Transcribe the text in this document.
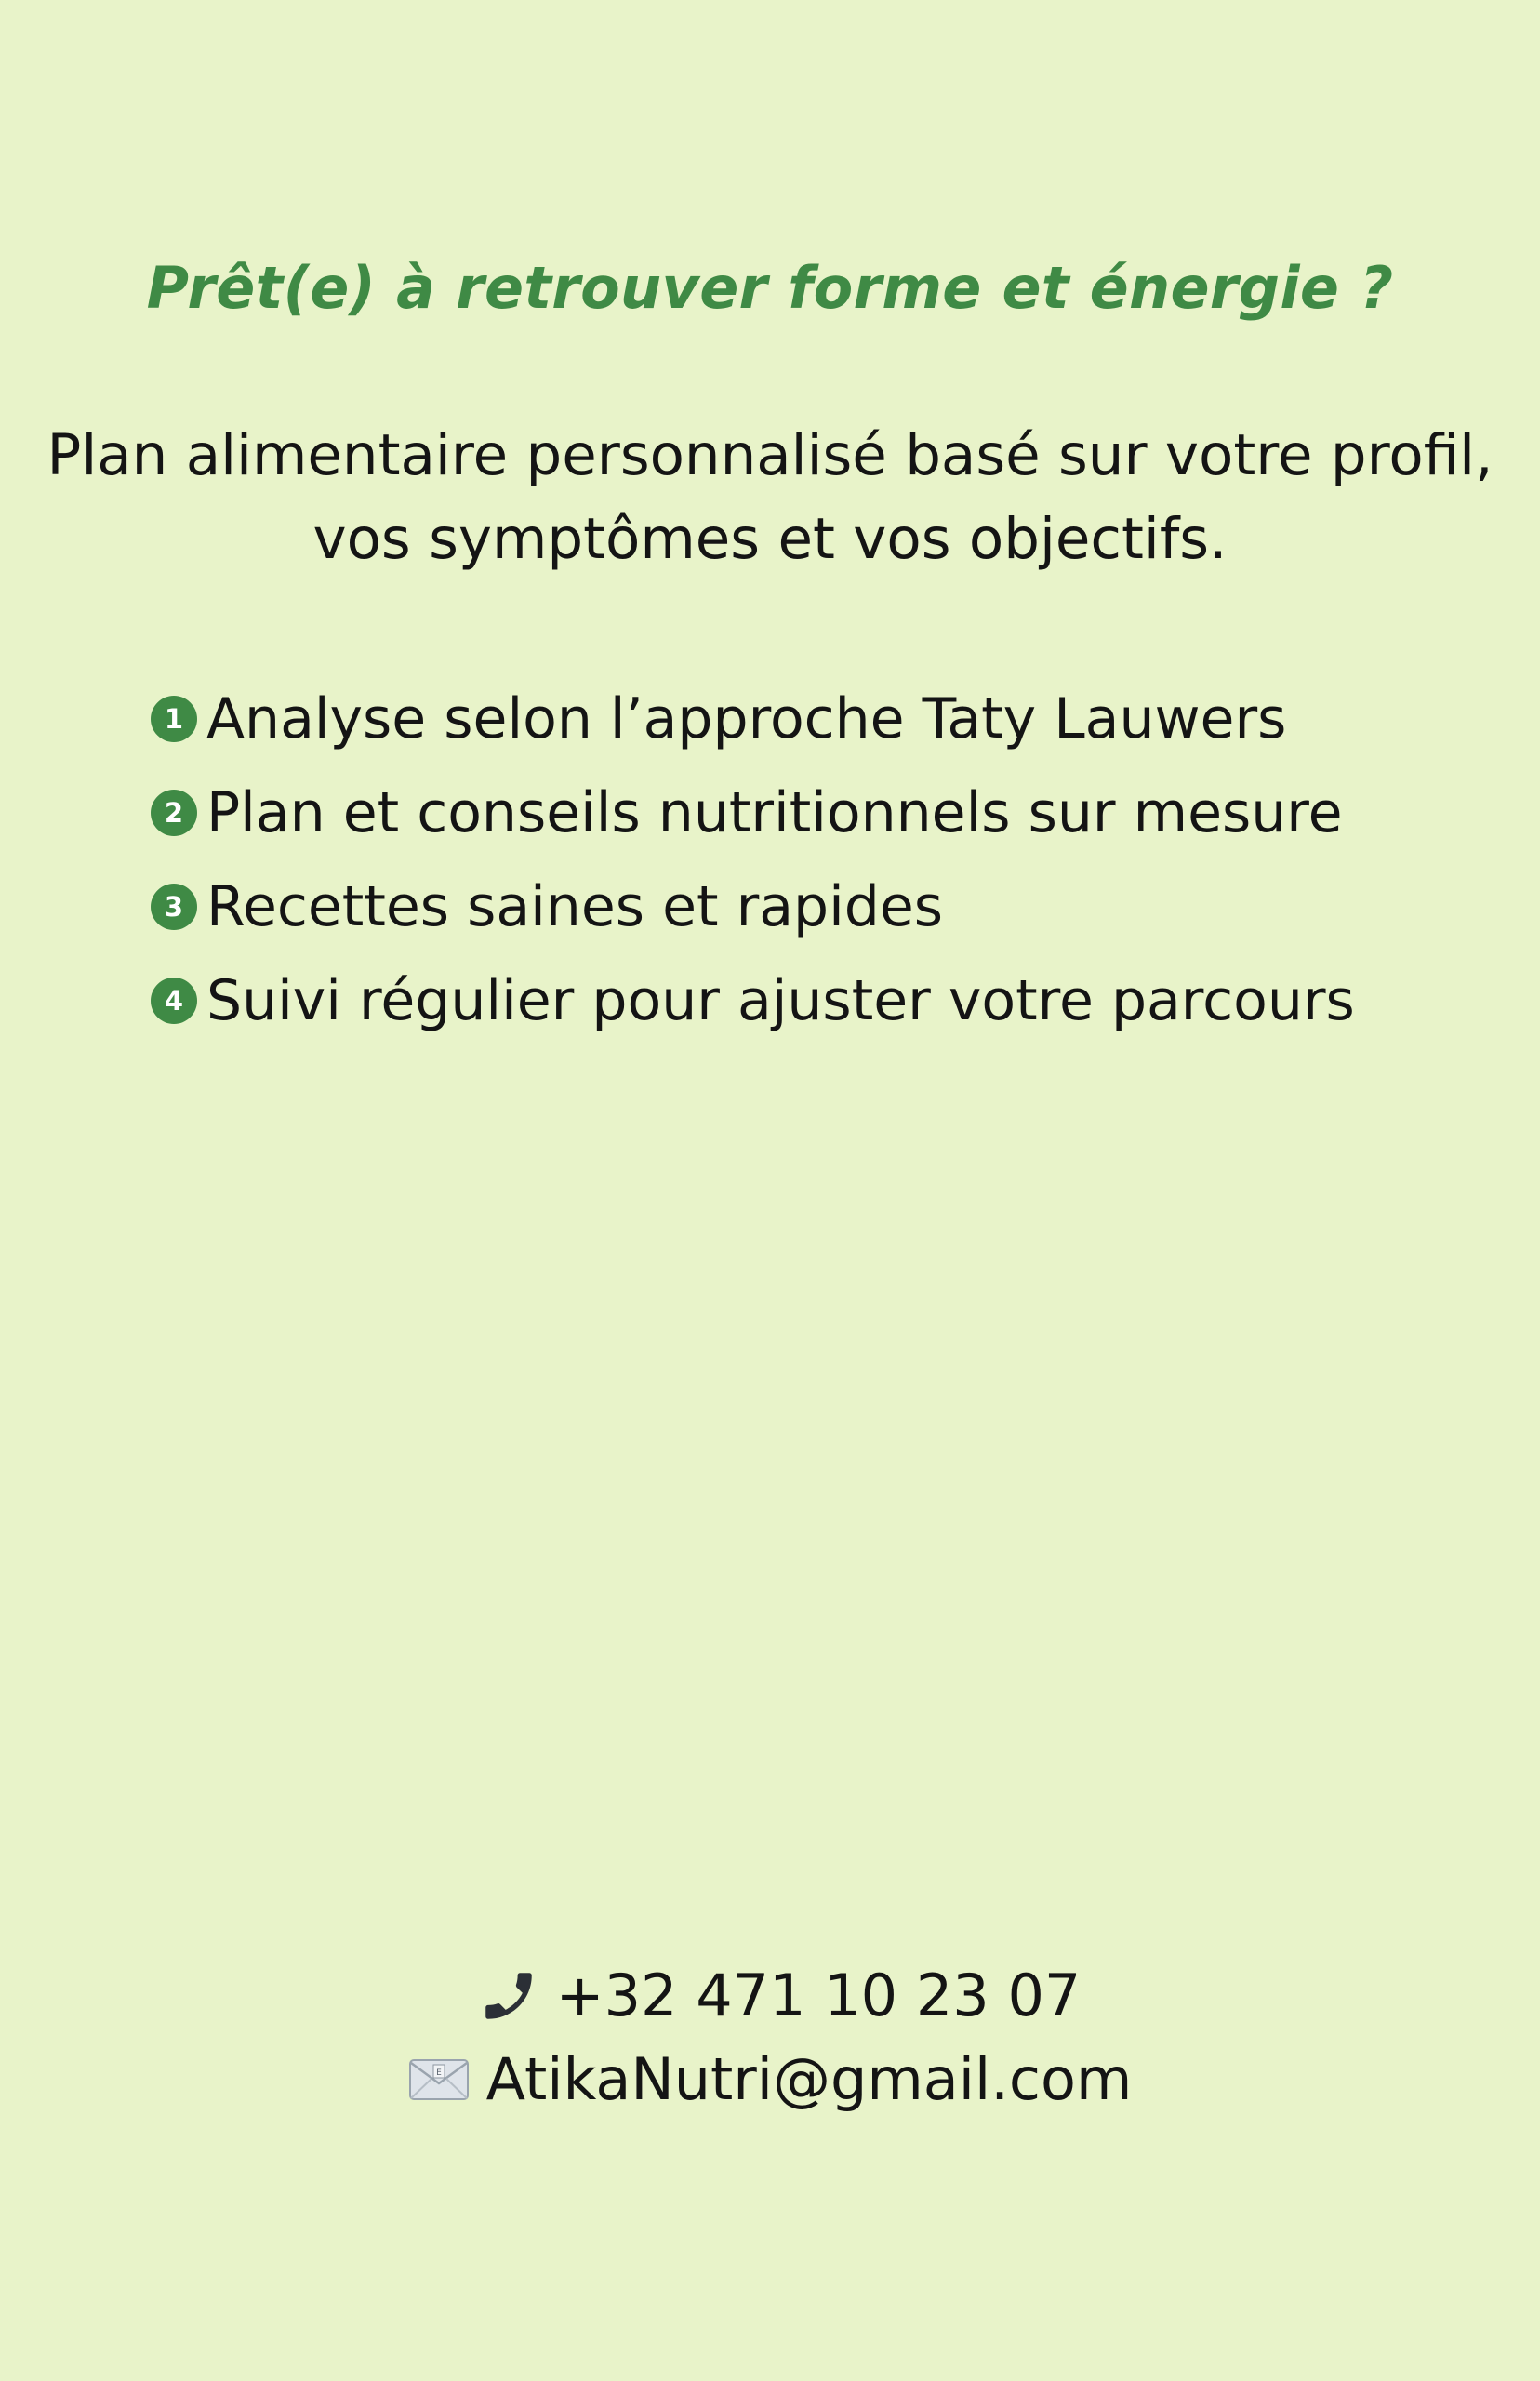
Prêt(e) à retrouver forme et énergie ?
Plan alimentaire personnalisé basé sur votre profil,
vos symptômes et vos objectifs.
1 Analyse selon l’approche Taty Lauwers
2 Plan et conseils nutritionnels sur mesure
3 Recettes saines et rapides
4 Suivi régulier pour ajuster votre parcours
+32 471 10 23 07
E AtikaNutri@gmail.com
